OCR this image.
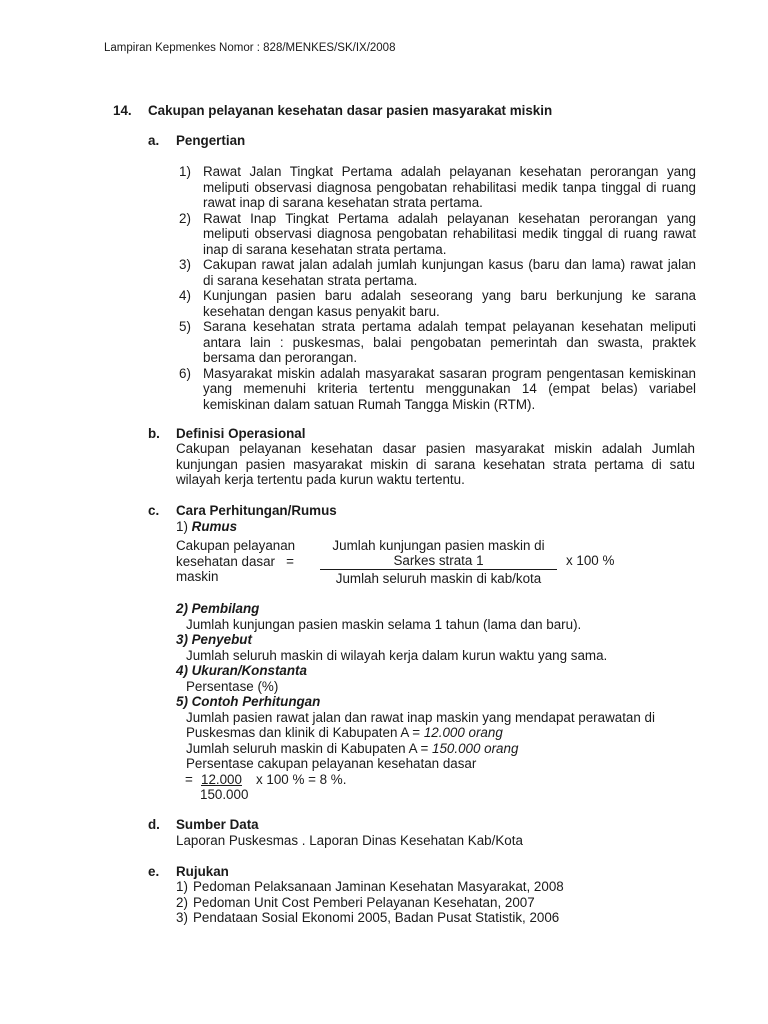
Lampiran Kepmenkes Nomor : 828/MENKES/SK/IX/2008
14. Cakupan pelayanan kesehatan dasar pasien masyarakat miskin
a. Pengertian
1) Rawat Jalan Tingkat Pertama adalah pelayanan kesehatan perorangan yang meliputi observasi diagnosa pengobatan rehabilitasi medik tanpa tinggal di ruang rawat inap di sarana kesehatan strata pertama.
2) Rawat Inap Tingkat Pertama adalah pelayanan kesehatan perorangan yang meliputi observasi diagnosa pengobatan rehabilitasi medik tinggal di ruang rawat inap di sarana kesehatan strata pertama.
3) Cakupan rawat jalan adalah jumlah kunjungan kasus (baru dan lama) rawat jalan di sarana kesehatan strata pertama.
4) Kunjungan pasien baru adalah seseorang yang baru berkunjung ke sarana kesehatan dengan kasus penyakit baru.
5) Sarana kesehatan strata pertama adalah tempat pelayanan kesehatan meliputi antara lain : puskesmas, balai pengobatan pemerintah dan swasta, praktek bersama dan perorangan.
6) Masyarakat miskin adalah masyarakat sasaran program pengentasan kemiskinan yang memenuhi kriteria tertentu menggunakan 14 (empat belas) variabel kemiskinan dalam satuan Rumah Tangga Miskin (RTM).
b. Definisi Operasional
Cakupan pelayanan kesehatan dasar pasien masyarakat miskin adalah Jumlah kunjungan pasien masyarakat miskin di sarana kesehatan strata pertama di satu wilayah kerja tertentu pada kurun waktu tertentu.
c. Cara Perhitungan/Rumus
1) Rumus
Cakupan pelayanan
kesehatan dasar   =
maskin
Jumlah kunjungan pasien maskin di
Sarkes strata 1
Jumlah seluruh maskin di kab/kota
x 100 %
2) Pembilang
Jumlah kunjungan pasien maskin selama 1 tahun (lama dan baru).
3) Penyebut
Jumlah seluruh maskin di wilayah kerja dalam kurun waktu yang sama.
4) Ukuran/Konstanta
Persentase (%)
5) Contoh Perhitungan
Jumlah pasien rawat jalan dan rawat inap maskin yang mendapat perawatan di
Puskesmas dan klinik di Kabupaten A = 12.000 orang
Jumlah seluruh maskin di Kabupaten A = 150.000 orang
Persentase cakupan pelayanan kesehatan dasar
= 12.000 x 100 % = 8 %.
150.000
d. Sumber Data
Laporan Puskesmas . Laporan Dinas Kesehatan Kab/Kota
e. Rujukan
1) Pedoman Pelaksanaan Jaminan Kesehatan Masyarakat, 2008
2) Pedoman Unit Cost Pemberi Pelayanan Kesehatan, 2007
3) Pendataan Sosial Ekonomi 2005, Badan Pusat Statistik, 2006
